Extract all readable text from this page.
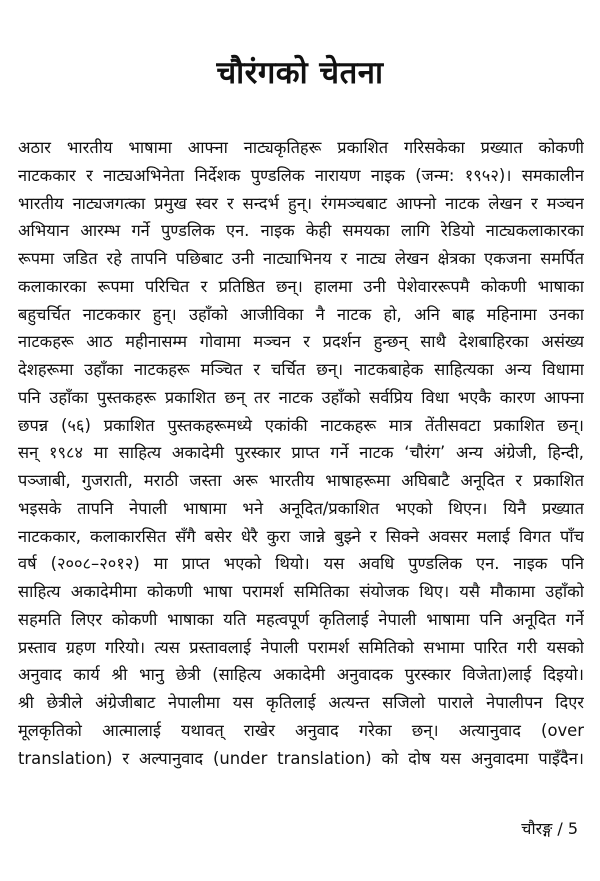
चौरंगको चेतना
अठार भारतीय भाषामा आफ्ना नाट्यकृतिहरू प्रकाशित गरिसकेका प्रख्यात कोकणी
नाटककार र नाट्यअभिनेता निर्देशक पुण्डलिक नारायण नाइक (जन्म: १९५२)। समकालीन
भारतीय नाट्यजगत्का प्रमुख स्वर र सन्दर्भ हुन्। रंगमञ्चबाट आफ्नो नाटक लेखन र मञ्चन
अभियान आरम्भ गर्ने पुण्डलिक एन. नाइक केही समयका लागि रेडियो नाट्यकलाकारका
रूपमा जडित रहे तापनि पछिबाट उनी नाट्याभिनय र नाट्य लेखन क्षेत्रका एकजना समर्पित
कलाकारका रूपमा परिचित र प्रतिष्ठित छन्। हालमा उनी पेशेवाररूपमै कोकणी भाषाका
बहुचर्चित नाटककार हुन्। उहाँको आजीविका नै नाटक हो, अनि बाह्र महिनामा उनका
नाटकहरू आठ महीनासम्म गोवामा मञ्चन र प्रदर्शन हुन्छन् साथै देशबाहिरका असंख्य
देशहरूमा उहाँका नाटकहरू मञ्चित र चर्चित छन्। नाटकबाहेक साहित्यका अन्य विधामा
पनि उहाँका पुस्तकहरू प्रकाशित छन् तर नाटक उहाँको सर्वप्रिय विधा भएकै कारण आफ्ना
छपन्न (५६) प्रकाशित पुस्तकहरूमध्ये एकांकी नाटकहरू मात्र तेंतीसवटा प्रकाशित छन्।
सन् १९८४ मा साहित्य अकादेमी पुरस्कार प्राप्त गर्ने नाटक ‘चौरंग’ अन्य अंग्रेजी, हिन्दी,
पञ्जाबी, गुजराती, मराठी जस्ता अरू भारतीय भाषाहरूमा अघिबाटै अनूदित र प्रकाशित
भइसके तापनि नेपाली भाषामा भने अनूदित/प्रकाशित भएको थिएन। यिनै प्रख्यात
नाटककार, कलाकारसित सँगै बसेर धेरै कुरा जान्ने बुझ्ने र सिक्ने अवसर मलाई विगत पाँच
वर्ष (२००८–२०१२) मा प्राप्त भएको थियो। यस अवधि पुण्डलिक एन. नाइक पनि
साहित्य अकादेमीमा कोकणी भाषा परामर्श समितिका संयोजक थिए। यसै मौकामा उहाँको
सहमति लिएर कोकणी भाषाका यति महत्वपूर्ण कृतिलाई नेपाली भाषामा पनि अनूदित गर्ने
प्रस्ताव ग्रहण गरियो। त्यस प्रस्तावलाई नेपाली परामर्श समितिको सभामा पारित गरी यसको
अनुवाद कार्य श्री भानु छेत्री (साहित्य अकादेमी अनुवादक पुरस्कार विजेता)लाई दिइयो।
श्री छेत्रीले अंग्रेजीबाट नेपालीमा यस कृतिलाई अत्यन्त सजिलो पाराले नेपालीपन दिएर
मूलकृतिको आत्मालाई यथावत् राखेर अनुवाद गरेका छन्। अत्यानुवाद (over
translation) र अल्पानुवाद (under translation) को दोष यस अनुवादमा पाइँदैन।
चौरङ्ग / 5
